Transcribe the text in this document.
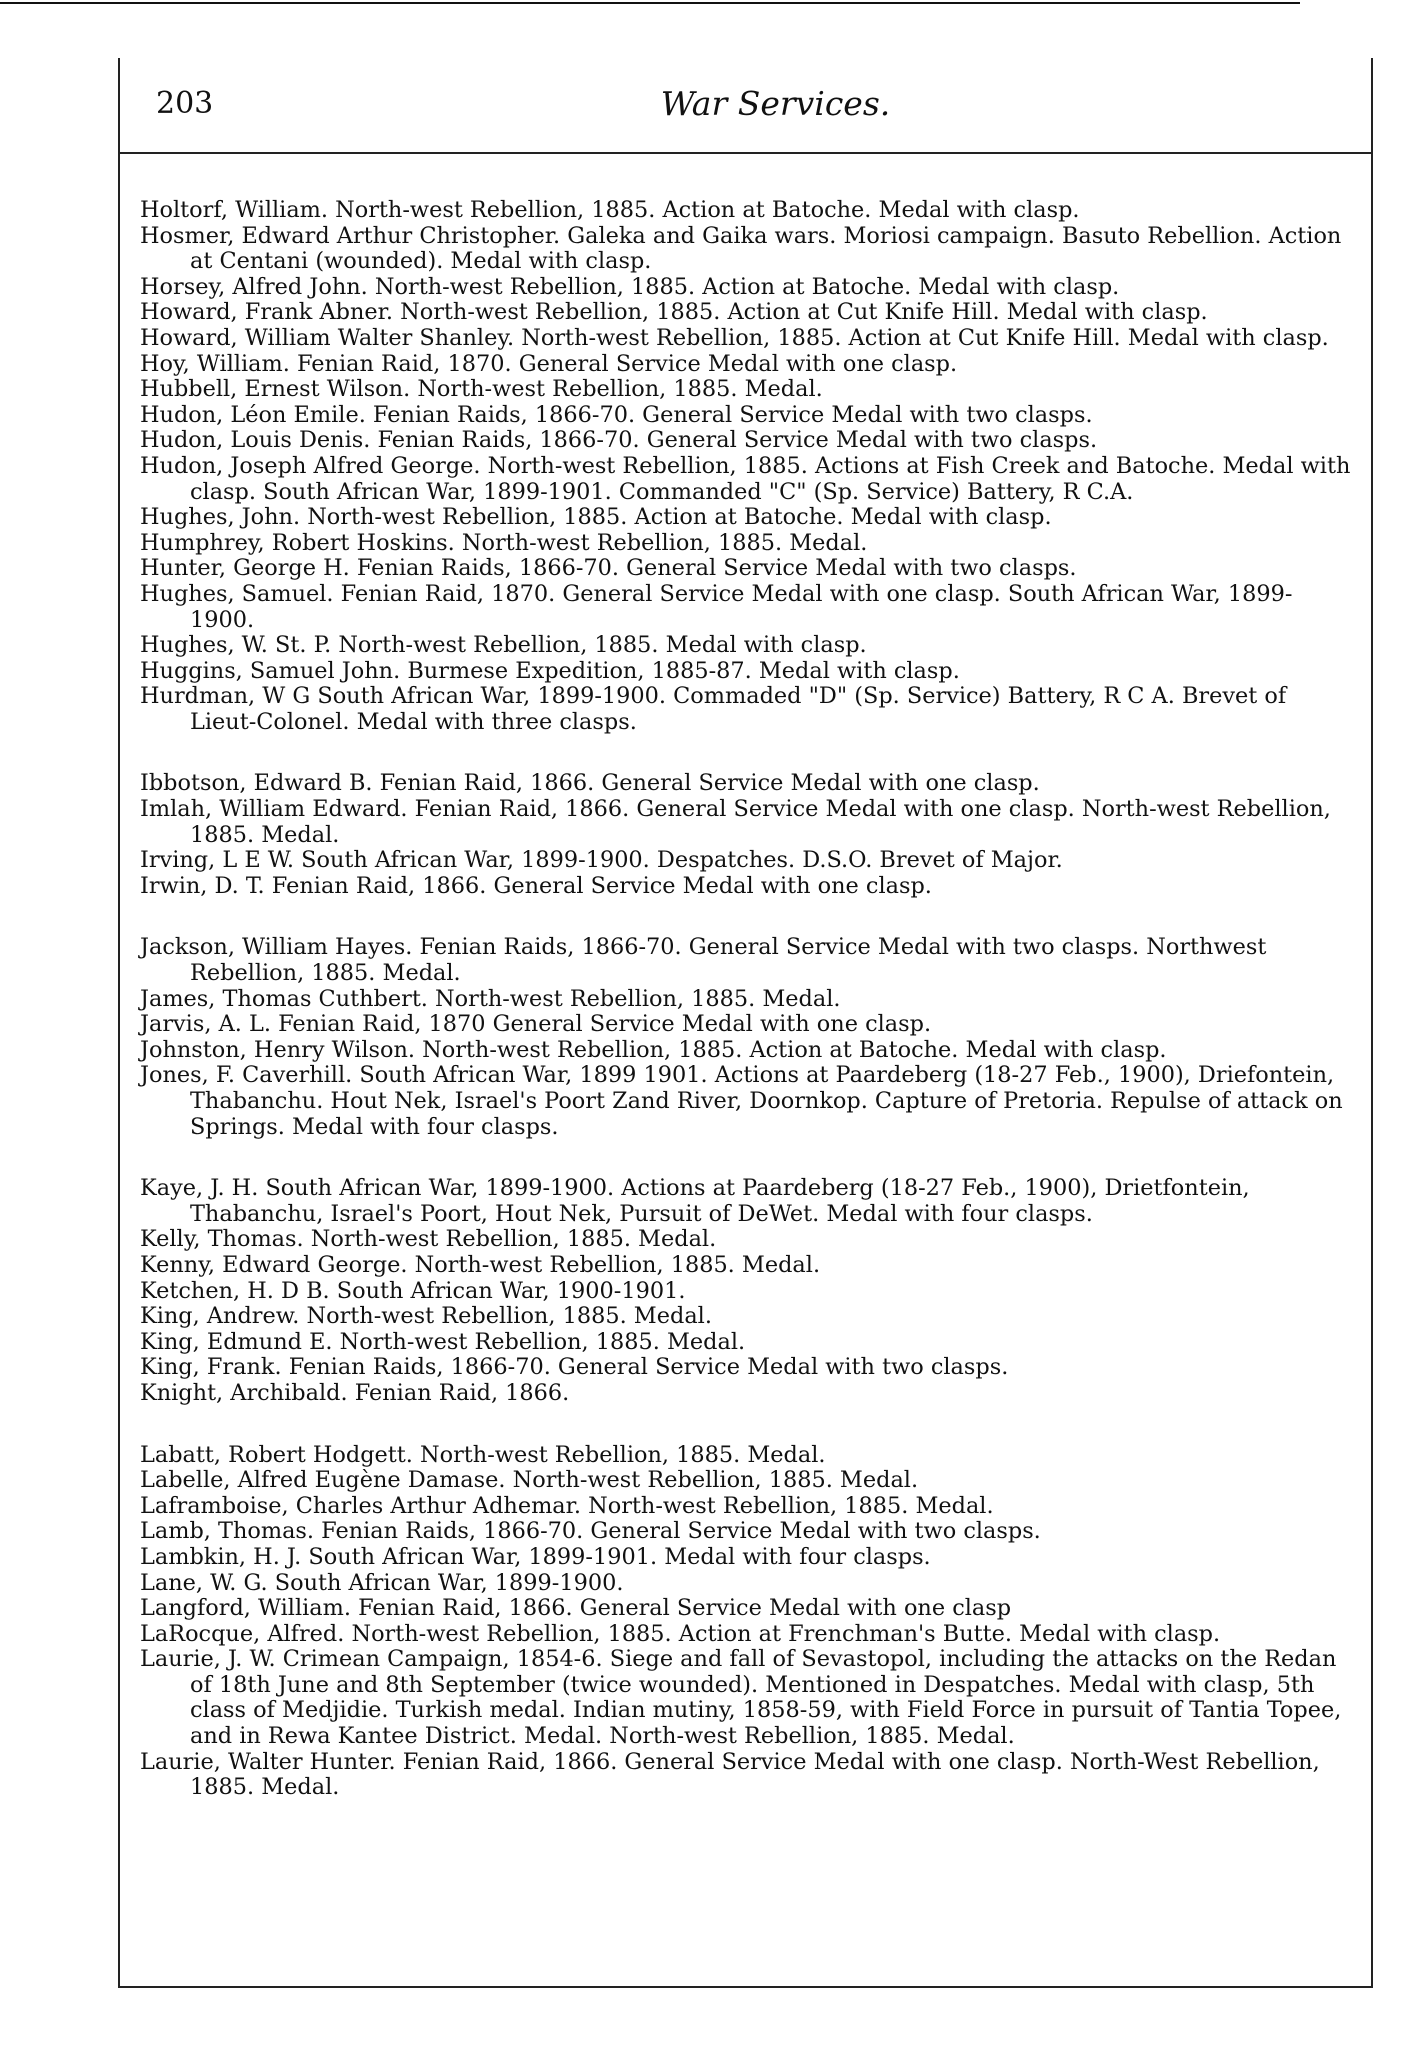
203	War Services.

Holtorf, William. North-west Rebellion, 1885. Action at Batoche. Medal with clasp.

Hosmer, Edward Arthur Christopher. Galeka and Gaika wars. Moriosi campaign. Basuto Rebellion. Action at Centani (wounded). Medal with clasp.

Horsey, Alfred John. North-west Rebellion, 1885. Action at Batoche. Medal with clasp.

Howard, Frank Abner. North-west Rebellion, 1885. Action at Cut Knife Hill. Medal with clasp.

Howard, William Walter Shanley. North-west Rebellion, 1885. Action at Cut Knife Hill. Medal with clasp.

Hoy, William. Fenian Raid, 1870. General Service Medal with one clasp.

Hubbell, Ernest Wilson. North-west Rebellion, 1885. Medal.

Hudon, Léon Emile. Fenian Raids, 1866-70. General Service Medal with two clasps.

Hudon, Louis Denis. Fenian Raids, 1866-70. General Service Medal with two clasps.

Hudon, Joseph Alfred George. North-west Rebellion, 1885. Actions at Fish Creek and Batoche. Medal with clasp. South African War, 1899-1901. Commanded "C" (Sp. Service) Battery, R C.A.

Hughes, John. North-west Rebellion, 1885. Action at Batoche. Medal with clasp.

Humphrey, Robert Hoskins. North-west Rebellion, 1885. Medal.

Hunter, George H. Fenian Raids, 1866-70. General Service Medal with two clasps.

Hughes, Samuel. Fenian Raid, 1870. General Service Medal with one clasp. South African War, 1899-1900.

Hughes, W. St. P. North-west Rebellion, 1885. Medal with clasp.

Huggins, Samuel John. Burmese Expedition, 1885-87. Medal with clasp.

Hurdman, W G South African War, 1899-1900. Commaded "D" (Sp. Service) Battery, R C A. Brevet of Lieut-Colonel. Medal with three clasps.

Ibbotson, Edward B. Fenian Raid, 1866. General Service Medal with one clasp.

Imlah, William Edward. Fenian Raid, 1866. General Service Medal with one clasp. North-west Rebellion, 1885. Medal.

Irving, L E W. South African War, 1899-1900. Despatches. D.S.O. Brevet of Major.

Irwin, D. T. Fenian Raid, 1866. General Service Medal with one clasp.

Jackson, William Hayes. Fenian Raids, 1866-70. General Service Medal with two clasps. Northwest Rebellion, 1885. Medal.

James, Thomas Cuthbert. North-west Rebellion, 1885. Medal.

Jarvis, A. L. Fenian Raid, 1870 General Service Medal with one clasp.

Johnston, Henry Wilson. North-west Rebellion, 1885. Action at Batoche. Medal with clasp.

Jones, F. Caverhill. South African War, 1899 1901. Actions at Paardeberg (18-27 Feb., 1900), Driefontein, Thabanchu. Hout Nek, Israel's Poort Zand River, Doornkop. Capture of Pretoria. Repulse of attack on Springs. Medal with four clasps.

Kaye, J. H. South African War, 1899-1900. Actions at Paardeberg (18-27 Feb., 1900), Drietfontein, Thabanchu, Israel's Poort, Hout Nek, Pursuit of DeWet. Medal with four clasps.

Kelly, Thomas. North-west Rebellion, 1885. Medal.

Kenny, Edward George. North-west Rebellion, 1885. Medal.

Ketchen, H. D B. South African War, 1900-1901.

King, Andrew. North-west Rebellion, 1885. Medal.

King, Edmund E. North-west Rebellion, 1885. Medal.

King, Frank. Fenian Raids, 1866-70. General Service Medal with two clasps.

Knight, Archibald. Fenian Raid, 1866.

Labatt, Robert Hodgett. North-west Rebellion, 1885. Medal.

Labelle, Alfred Eugène Damase. North-west Rebellion, 1885. Medal.

Laframboise, Charles Arthur Adhemar. North-west Rebellion, 1885. Medal.

Lamb, Thomas. Fenian Raids, 1866-70. General Service Medal with two clasps.

Lambkin, H. J. South African War, 1899-1901. Medal with four clasps.

Lane, W. G. South African War, 1899-1900.

Langford, William. Fenian Raid, 1866. General Service Medal with one clasp

LaRocque, Alfred. North-west Rebellion, 1885. Action at Frenchman's Butte. Medal with clasp.

Laurie, J. W. Crimean Campaign, 1854-6. Siege and fall of Sevastopol, including the attacks on the Redan of 18th June and 8th September (twice wounded). Mentioned in Despatches. Medal with clasp, 5th class of Medjidie. Turkish medal. Indian mutiny, 1858-59, with Field Force in pursuit of Tantia Topee, and in Rewa Kantee District. Medal. North-west Rebellion, 1885. Medal.

Laurie, Walter Hunter. Fenian Raid, 1866. General Service Medal with one clasp. North-West Rebellion, 1885. Medal.
